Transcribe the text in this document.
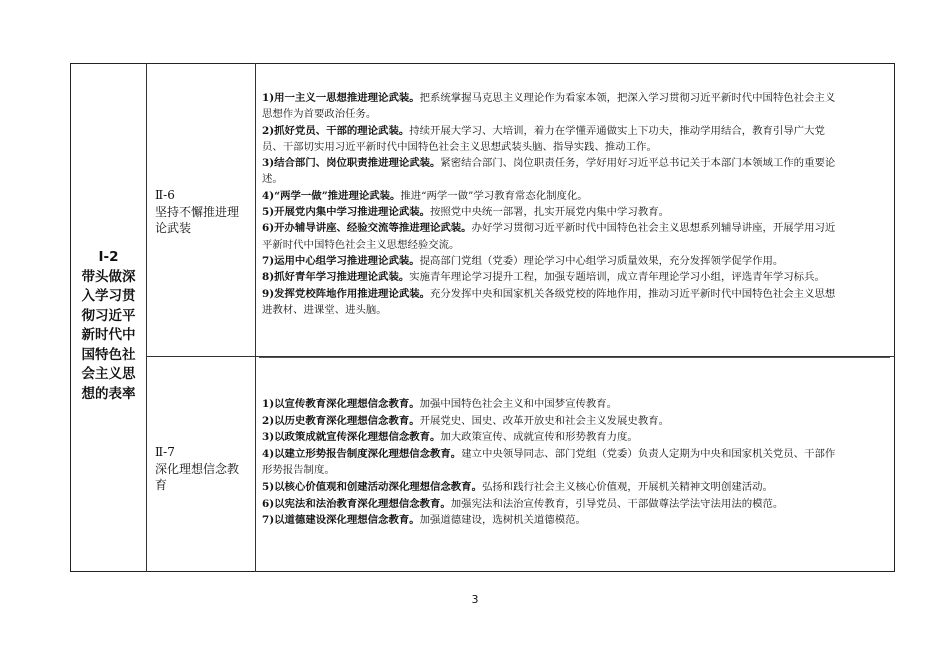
Ⅰ-2
带头做深
入学习贯
彻习近平
新时代中
国特色社
会主义思
想的表率
Ⅱ-6
坚持不懈推进理
论武装
Ⅱ-7
深化理想信念教
育
1)用一主义一思想推进理论武装。把系统掌握马克思主义理论作为看家本领，把深入学习贯彻习近平新时代中国特色社会主义
思想作为首要政治任务。
2)抓好党员、干部的理论武装。持续开展大学习、大培训，着力在学懂弄通做实上下功夫，推动学用结合，教育引导广大党
员、干部切实用习近平新时代中国特色社会主义思想武装头脑、指导实践、推动工作。
3)结合部门、岗位职责推进理论武装。紧密结合部门、岗位职责任务，学好用好习近平总书记关于本部门本领域工作的重要论
述。
4)“两学一做”推进理论武装。推进“两学一做”学习教育常态化制度化。
5)开展党内集中学习推进理论武装。按照党中央统一部署，扎实开展党内集中学习教育。
6)开办辅导讲座、经验交流等推进理论武装。办好学习贯彻习近平新时代中国特色社会主义思想系列辅导讲座，开展学用习近
平新时代中国特色社会主义思想经验交流。
7)运用中心组学习推进理论武装。提高部门党组（党委）理论学习中心组学习质量效果，充分发挥领学促学作用。
8)抓好青年学习推进理论武装。实施青年理论学习提升工程，加强专题培训，成立青年理论学习小组，评选青年学习标兵。
9)发挥党校阵地作用推进理论武装。充分发挥中央和国家机关各级党校的阵地作用，推动习近平新时代中国特色社会主义思想
进教材、进课堂、进头脑。
1)以宣传教育深化理想信念教育。加强中国特色社会主义和中国梦宣传教育。
2)以历史教育深化理想信念教育。开展党史、国史、改革开放史和社会主义发展史教育。
3)以政策成就宣传深化理想信念教育。加大政策宣传、成就宣传和形势教育力度。
4)以建立形势报告制度深化理想信念教育。建立中央领导同志、部门党组（党委）负责人定期为中央和国家机关党员、干部作
形势报告制度。
5)以核心价值观和创建活动深化理想信念教育。弘扬和践行社会主义核心价值观，开展机关精神文明创建活动。
6)以宪法和法治教育深化理想信念教育。加强宪法和法治宣传教育，引导党员、干部做尊法学法守法用法的模范。
7)以道德建设深化理想信念教育。加强道德建设，选树机关道德模范。
3
